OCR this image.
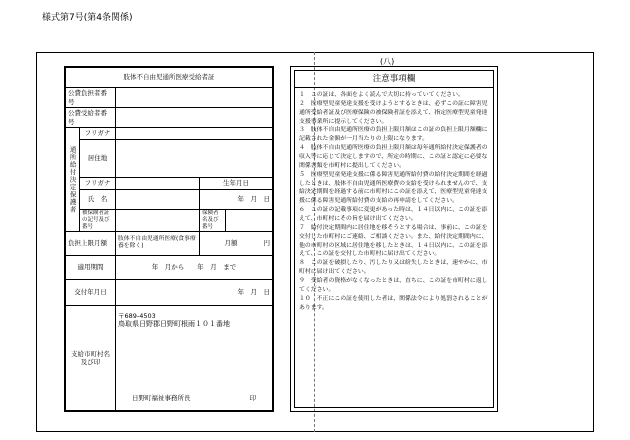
様式第7号(第4条関係)
(八)
肢体不自由児通所医療受給者証				
公費負担者番号				
公費受給者番号				
通所給付決定保護者	フリガナ			
	居住地			
	フリガナ		生年月日	
	氏　名		年　月　日	
	被保険者証の記号及び番号		保険者名及び番号	
負担上限月額		肢体不自由児通所医療(食事療養を除く)	月額　　　　円	
適用期間		年　月から　　年　月　まで		
交付年月日		年　月　日		
支給市町村名及び印		〒689-4503
鳥取県日野郡日野町根雨１０１番地
日野町福祉事務所長 印		
注意事項欄

１　この証は、各面をよく読んで大切に持っていてください。

２　医療型児童発達支援を受けようとするときは、必ずこの証に障害児通所受給者証及び医療保険の被保険者証を添えて、指定医療型児童発達支援事業所に提示してください。

３　肢体不自由児通所医療の負担上限月額はこの証の負担上限月額欄に記載された金額が一月当たりの上限になります。

４　肢体不自由児通所医療の負担上限月額は毎年通所給付決定保護者の収入等に応じて決定しますので、所定の時期に、この証と認定に必要な関係書類を市町村に提出してください。

５　医療型児童発達支援に係る障害児通所給付費の給付決定期間を経過したときは、肢体不自由児通所医療費の支給を受けられませんので、支給決定期間を経過する前に市町村にこの証を添えて、医療型児童発達支援に係る障害児通所給付費の支給の再申請をしてください。

６　この証の記載事項に変更があった時は、１４日以内に、この証を添えて、市町村にその旨を届け出てください。

７　給付決定期間内に居住地を移そうとする場合は、事前に、この証を交付した市町村にご連絡、ご相談ください。また、給付決定期間内に、他の市町村の区域に居住地を移したときは、１４日以内に、この証を添えて、この証を交付した市町村に届け出てください。

８　この証を破損したり、汚したり又は紛失したときは、速やかに、市町村に届け出てください。

９　受給者の資格がなくなったときは、直ちに、この証を市町村に返してください。

１０　不正にこの証を使用した者は、関係法令により処罰されることがあります。
